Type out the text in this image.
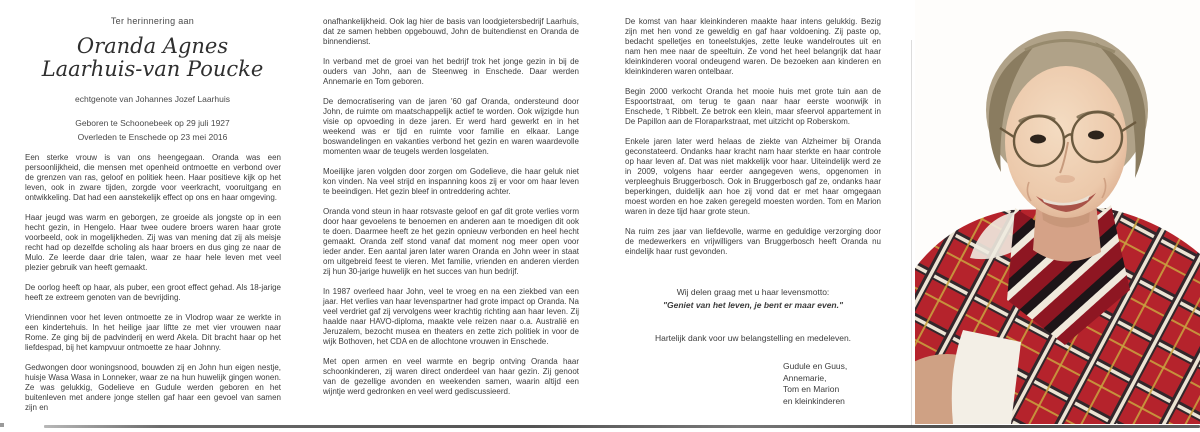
Ter herinnering aan
Oranda Agnes
Laarhuis-van Poucke
echtgenote van Johannes Jozef Laarhuis
Geboren te Schoonebeek op 29 juli 1927
Overleden te Enschede op 23 mei 2016

Een sterke vrouw is van ons heengegaan. Oranda was een persoonlijkheid, die mensen met openheid ontmoette en verbond over de grenzen van ras, geloof en politiek heen. Haar positieve kijk op het leven, ook in zware tijden, zorgde voor veerkracht, vooruitgang en ontwikkeling. Dat had een aanstekelijk effect op ons en haar omgeving.

Haar jeugd was warm en geborgen, ze groeide als jongste op in een hecht gezin, in Hengelo. Haar twee oudere broers waren haar grote voorbeeld, ook in mogelijkheden. Zij was van mening dat zij als meisje recht had op dezelfde scholing als haar broers en dus ging ze naar de Mulo. Ze leerde daar drie talen, waar ze haar hele leven met veel plezier gebruik van heeft gemaakt.

De oorlog heeft op haar, als puber, een groot effect gehad. Als 18-jarige heeft ze extreem genoten van de bevrijding.

Vriendinnen voor het leven ontmoette ze in Vlodrop waar ze werkte in een kindertehuis. In het heilige jaar liftte ze met vier vrouwen naar Rome. Ze ging bij de padvinderij en werd Akela. Dit bracht haar op het liefdespad, bij het kampvuur ontmoette ze haar Johnny.

Gedwongen door woningsnood, bouwden zij en John hun eigen nestje, huisje Wasa Wasa in Lonneker, waar ze na hun huwelijk gingen wonen. Ze was gelukkig, Godelieve en Gudule werden geboren en het buitenleven met andere jonge stellen gaf haar een gevoel van samen zijn en

onafhankelijkheid. Ook lag hier de basis van loodgietersbedrijf Laarhuis, dat ze samen hebben opgebouwd, John de buitendienst en Oranda de binnendienst.

In verband met de groei van het bedrijf trok het jonge gezin in bij de ouders van John, aan de Steenweg in Enschede. Daar werden Annemarie en Tom geboren.

De democratisering van de jaren '60 gaf Oranda, ondersteund door John, de ruimte om maatschappelijk actief te worden. Ook wijzigde hun visie op opvoeding in deze jaren. Er werd hard gewerkt en in het weekend was er tijd en ruimte voor familie en elkaar. Lange boswandelingen en vakanties verbond het gezin en waren waardevolle momenten waar de teugels werden losgelaten.

Moeilijke jaren volgden door zorgen om Godelieve, die haar geluk niet kon vinden. Na veel strijd en inspanning koos zij er voor om haar leven te beeindigen. Het gezin bleef in ontreddering achter.

Oranda vond steun in haar rotsvaste geloof en gaf dit grote verlies vorm door haar gevoelens te benoemen en anderen aan te moedigen dit ook te doen. Daarmee heeft ze het gezin opnieuw verbonden en heel hecht gemaakt. Oranda zelf stond vanaf dat moment nog meer open voor ieder ander. Een aantal jaren later waren Oranda en John weer in staat om uitgebreid feest te vieren. Met familie, vrienden en anderen vierden zij hun 30-jarige huwelijk en het succes van hun bedrijf.

In 1987 overleed haar John, veel te vroeg en na een ziekbed van een jaar. Het verlies van haar levenspartner had grote impact op Oranda. Na veel verdriet gaf zij vervolgens weer krachtig richting aan haar leven. Zij haalde naar HAVO-diploma, maakte vele reizen naar o.a. Australië en Jeruzalem, bezocht musea en theaters en zette zich politiek in voor de wijk Bothoven, het CDA en de allochtone vrouwen in Enschede.

Met open armen en veel warmte en begrip ontving Oranda haar schoonkinderen, zij waren direct onderdeel van haar gezin. Zij genoot van de gezellige avonden en weekenden samen, waarin altijd een wijntje werd gedronken en veel werd gediscussieerd.

De komst van haar kleinkinderen maakte haar intens gelukkig. Bezig zijn met hen vond ze geweldig en gaf haar voldoening. Zij paste op, bedacht spelletjes en toneelstukjes, zette leuke wandelroutes uit en nam hen mee naar de speeltuin. Ze vond het heel belangrijk dat haar kleinkinderen vooral ondeugend waren. De bezoeken aan kinderen en kleinkinderen waren ontelbaar.

Begin 2000 verkocht Oranda het mooie huis met grote tuin aan de Espoortstraat, om terug te gaan naar haar eerste woonwijk in Enschede, 't Ribbelt. Ze betrok een klein, maar sfeervol appartement in De Papillon aan de Floraparkstraat, met uitzicht op Roberskom.

Enkele jaren later werd helaas de ziekte van Alzheimer bij Oranda geconstateerd. Ondanks haar kracht nam haar sterkte en haar controle op haar leven af. Dat was niet makkelijk voor haar. Uiteindelijk werd ze in 2009, volgens haar eerder aangegeven wens, opgenomen in verpleeghuis Bruggerbosch. Ook in Bruggerbosch gaf ze, ondanks haar beperkingen, duidelijk aan hoe zij vond dat er met haar omgegaan moest worden en hoe zaken geregeld moesten worden. Tom en Marion waren in deze tijd haar grote steun.

Na ruim zes jaar van liefdevolle, warme en geduldige verzorging door de medewerkers en vrijwilligers van Bruggerbosch heeft Oranda nu eindelijk haar rust gevonden.

Wij delen graag met u haar levensmotto:
"Geniet van het leven, je bent er maar even."
Hartelijk dank voor uw belangstelling en medeleven.
Gudule en Guus,
Annemarie,
Tom en Marion
en kleinkinderen
